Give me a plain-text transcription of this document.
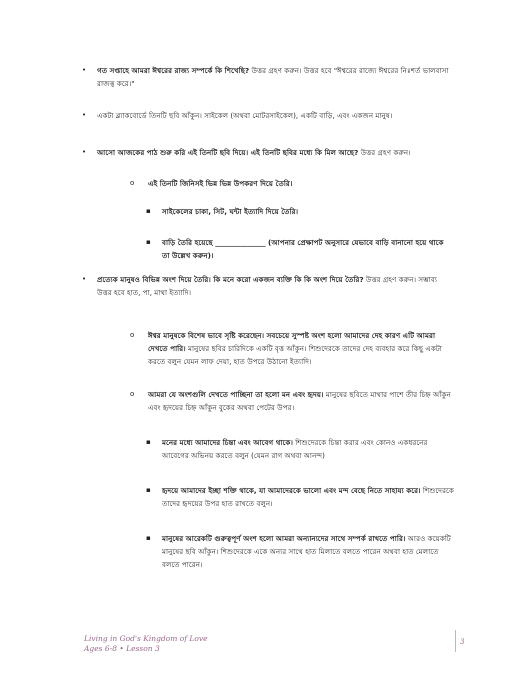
• গত সপ্তাহে আমরা ঈশ্বরের রাজ্য সম্পর্কে কি শিখেছি? উত্তর গ্রহণ করুন। উত্তর হবে "ঈশ্বরের রাজ্যে ঈশ্বরের নিঃশর্ত ভালবাসা রাজত্ব করে।"
• একটা ব্ল্যাকবোর্ডে তিনটি ছবি আঁকুন। সাইকেল (অথবা মোটরসাইকেল), একটি বাড়ি, এবং একজন মানুষ।
• আসো আজকের পাঠ শুরু করি এই তিনটি ছবি দিয়ে। এই তিনটি ছবির মধ্যে কি মিল আছে? উত্তর গ্রহণ করুন।
o এই তিনটি জিনিসই ভিন্ন ভিন্ন উপকরণ দিয়ে তৈরি।
▪ সাইকেলের চাকা, সিট, ঘন্টা ইত্যাদি দিয়ে তৈরি।
▪ বাড়ি তৈরি হয়েছে ______________ (আপনার প্রেক্ষাপট অনুসারে যেভাবে বাড়ি বানানো হয়ে থাকে তা উল্লেখ করুন)।
• প্রত্যেক মানুষও বিভিন্ন অংশ দিয়ে তৈরি। কি মনে করো একজন ব্যক্তি কি কি অংশ দিয়ে তৈরি? উত্তর গ্রহণ করুন। সম্ভাব্য উত্তর হবে হাত, পা, মাথা ইত্যাদি।
o ঈশ্বর মানুষকে বিশেষ ভাবে সৃষ্টি করেছেন। সবচেয়ে সুস্পষ্ট অংশ হলো আমাদের দেহ কারণ এটি আমরা দেখতে পারি। মানুষের ছবির চারিদিকে একটি বৃত্ত আঁকুন। শিশুদেরকে তাদের দেহ ব্যবহার করে কিছু একটা করতে বলুন যেমন লাফ দেয়া, হাত উপরে উঠানো ইত্যাদি।
o আমরা যে অংশগুলি দেখতে পাচ্ছিনা তা হলো মন এবং হৃদয়। মানুষের ছবিতে মাথার পাশে তীর চিহ্ন আঁকুন এবং হৃদয়ের চিহ্ন আঁকুন বুকের অথবা পেটের উপর।
▪ মনের মধ্যে আমাদের চিন্তা এবং আবেগ থাকে। শিশুদেরকে চিন্তা করার এবং কোনও একধরনের আবেগের অভিনয় করতে বলুন (যেমন রাগ অথবা আনন্দ)
▪ হৃদয়ে আমাদের ইচ্ছা শক্তি থাকে, যা আমাদেরকে ভালো এবং মন্দ বেছে নিতে সাহায্য করে। শিশুদেরকে তাদের হৃদয়ের উপর হাত রাখতে বলুন।
▪ মানুষের আরেকটি গুরুত্বপূর্ণ অংশ হলো আমরা অন্যান্যদের সাথে সম্পর্ক রাখতে পারি। আরও কয়েকটি মানুষের ছবি আঁকুন। শিশুদেরকে একে অন্যর সাথে হাত মিলাতে বলতে পারেন অথবা হাত মেলাতে বলতে পারেন।
Living in God's Kingdom of Love
Ages 6-8 • Lesson 3
3
